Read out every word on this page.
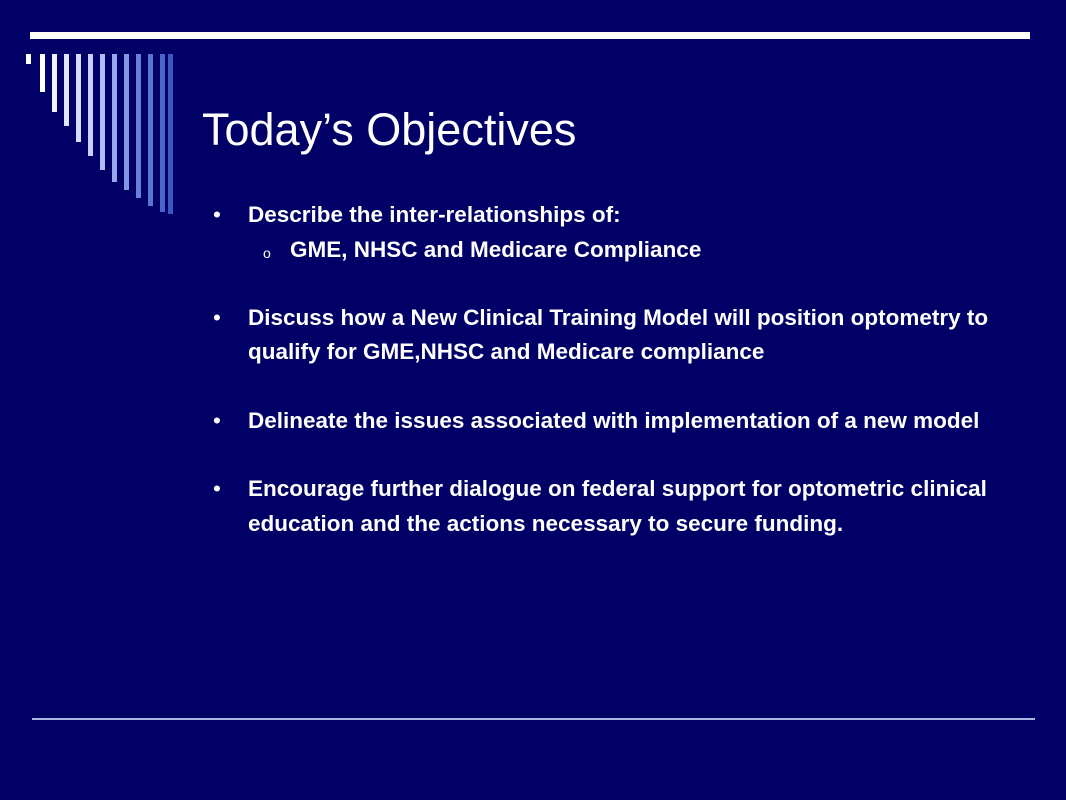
Today’s Objectives
• Describe the inter-relationships of:
o GME, NHSC and Medicare Compliance
• Discuss how a New Clinical Training Model will position optometry to qualify for GME,NHSC and Medicare compliance
• Delineate the issues associated with implementation of a new model
• Encourage further dialogue on federal support for optometric clinical education and the actions necessary to secure funding.
